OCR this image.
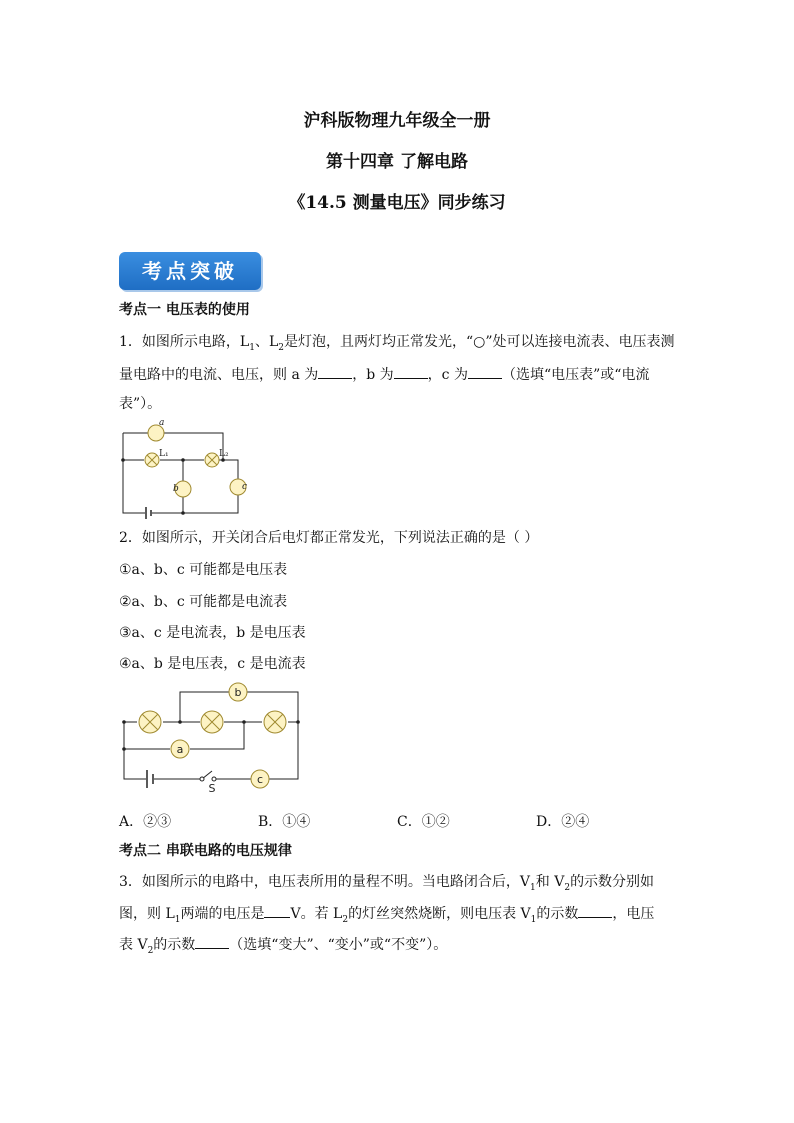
沪科版物理九年级全一册
第十四章 了解电路
《14.5 测量电压》同步练习
考点突破
考点一 电压表的使用
1．如图所示电路，$L_1$、$L_2$是灯泡，且两灯均正常发光，“○”处可以连接电流表、电压表测
量电路中的电流、电压，则 a 为 ，b 为 ，c 为 （选填“电压表”或“电流
表”）。
a
b	c
L₁	L₂
2．如图所示，开关闭合后电灯都正常发光，下列说法正确的是（ ）
①a、b、c 可能都是电压表
②a、b、c 可能都是电流表
③a、c 是电流表，b 是电压表
④a、b 是电压表，c 是电流表
b
a
c
S
A．②③	B．①④	C．①②	D．②④
考点二 串联电路的电压规律
3．如图所示的电路中，电压表所用的量程不明。当电路闭合后，$V_1$和 $V_2$的示数分别如
图，则 $L_1$两端的电压是 V。若 $L_2$的灯丝突然烧断，则电压表 $V_1$的示数 ，电压
表 $V_2$的示数 （选填“变大”、“变小”或“不变”）。
